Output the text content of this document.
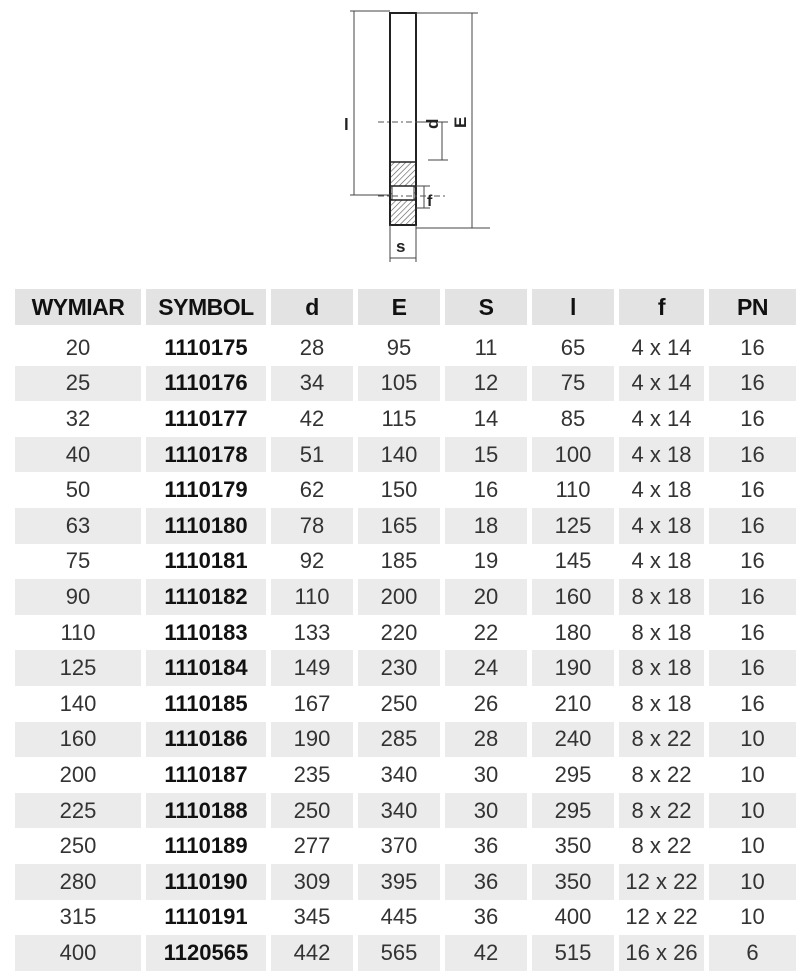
l	d E
f
s
WYMIAR	SYMBOL	d	E	S	l	f	PN
20	1110175	28	95	11	65	4 x 14	16
25	1110176	34	105	12	75	4 x 14	16
32	1110177	42	115	14	85	4 x 14	16
40	1110178	51	140	15	100	4 x 18	16
50	1110179	62	150	16	110	4 x 18	16
63	1110180	78	165	18	125	4 x 18	16
75	1110181	92	185	19	145	4 x 18	16
90	1110182	110	200	20	160	8 x 18	16
110	1110183	133	220	22	180	8 x 18	16
125	1110184	149	230	24	190	8 x 18	16
140	1110185	167	250	26	210	8 x 18	16
160	1110186	190	285	28	240	8 x 22	10
200	1110187	235	340	30	295	8 x 22	10
225	1110188	250	340	30	295	8 x 22	10
250	1110189	277	370	36	350	8 x 22	10
280	1110190	309	395	36	350	12 x 22	10
315	1110191	345	445	36	400	12 x 22	10
400	1120565	442	565	42	515	16 x 26	6
